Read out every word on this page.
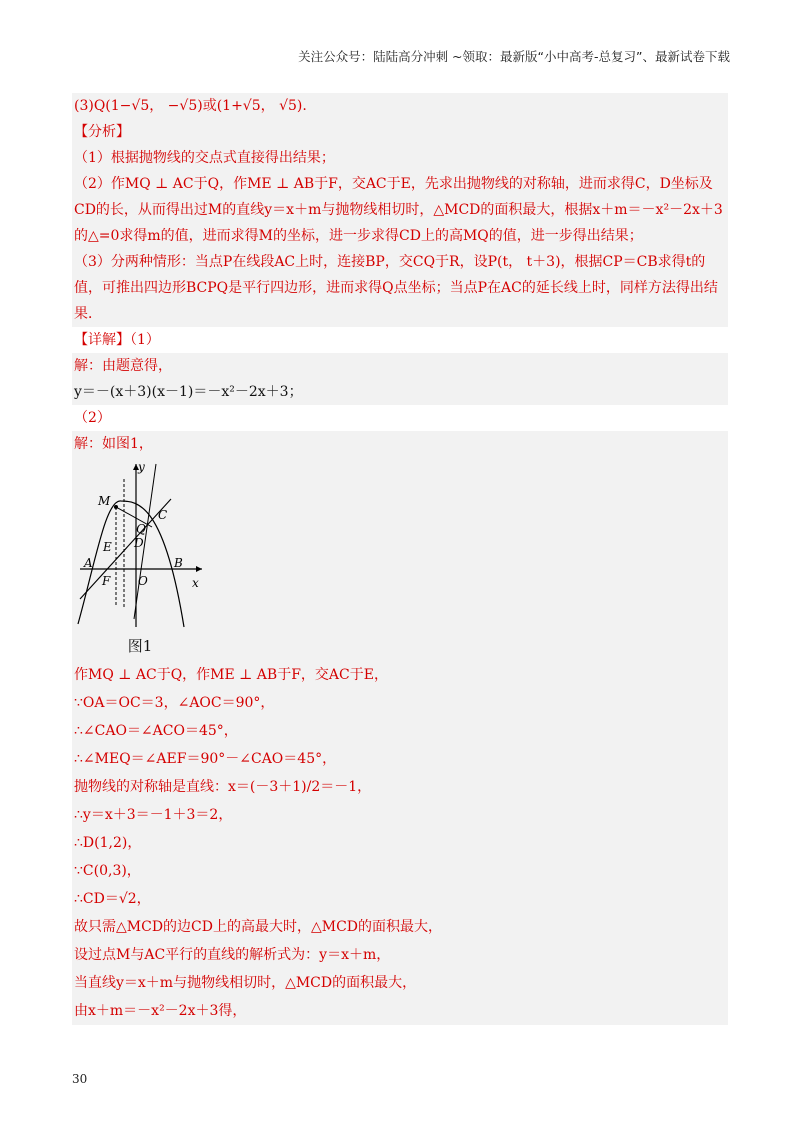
关注公众号：陆陆高分冲刺 ~领取：最新版“小中高考-总复习”、最新试卷下载
(3)Q(1−√5， −√5)或(1+√5， √5).
【分析】
（1）根据抛物线的交点式直接得出结果；
（2）作MQ ⊥ AC于Q，作ME ⊥ AB于F，交AC于E，先求出抛物线的对称轴，进而求得C，D坐标及
CD的长，从而得出过M的直线y＝x＋m与抛物线相切时，△MCD的面积最大，根据x＋m＝－x²－2x＋3
的△=0求得m的值，进而求得M的坐标，进一步求得CD上的高MQ的值，进一步得出结果；
（3）分两种情形：当点P在线段AC上时，连接BP，交CQ于R，设P(t， t＋3)，根据CP＝CB求得t的
值，可推出四边形BCPQ是平行四边形，进而求得Q点坐标；当点P在AC的延长线上时，同样方法得出结
果．
【详解】（1）
解：由题意得，
y＝－(x＋3)(x－1)＝－x²－2x＋3；
（2）
解：如图1，
y
M
C
Q
E D
A
F O
B
x
图1
作MQ ⊥ AC于Q，作ME ⊥ AB于F，交AC于E，
∵OA＝OC＝3，∠AOC＝90°，
∴∠CAO＝∠ACO＝45°，
∴∠MEQ＝∠AEF＝90°－∠CAO＝45°，
抛物线的对称轴是直线：x＝(－3＋1)/2＝－1，
∴y＝x＋3＝－1＋3＝2，
∴D(1,2)，
∵C(0,3)，
∴CD＝√2，
故只需△MCD的边CD上的高最大时，△MCD的面积最大，
设过点M与AC平行的直线的解析式为：y＝x＋m，
当直线y＝x＋m与抛物线相切时，△MCD的面积最大，
由x＋m＝－x²－2x＋3得，
30
